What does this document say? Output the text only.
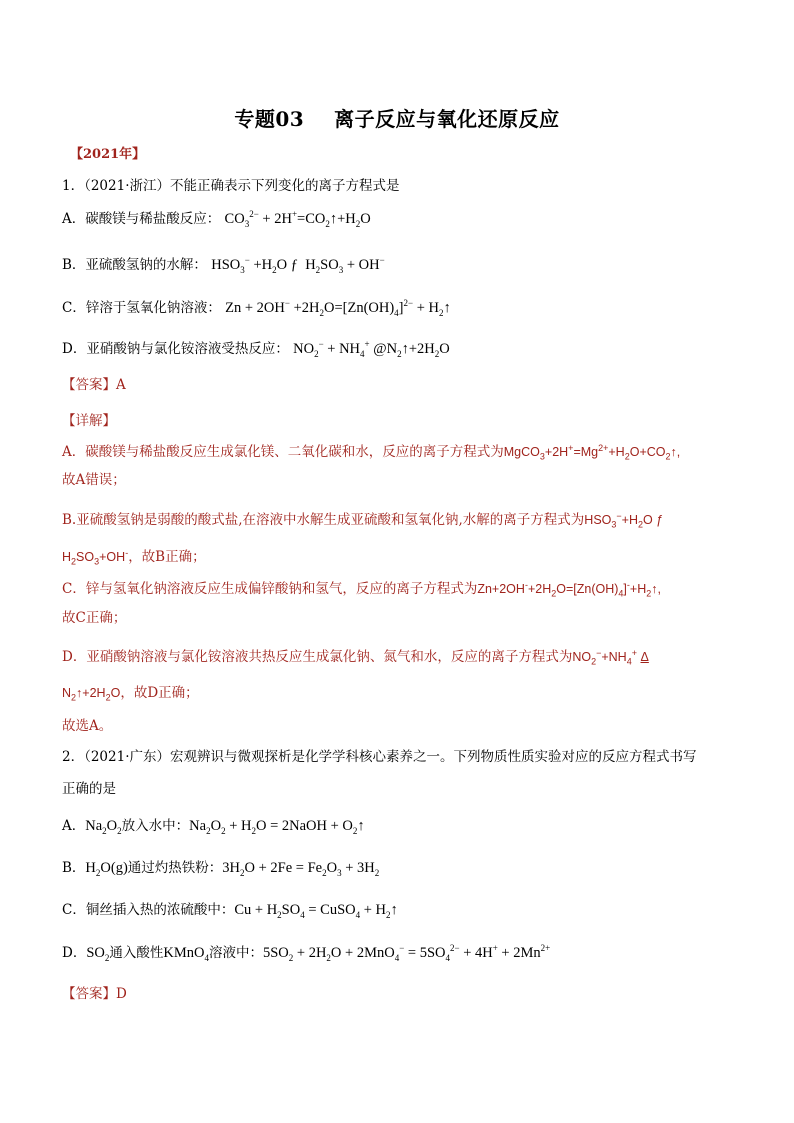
专题03 离子反应与氧化还原反应
【2021年】
1．（2021·浙江）不能正确表示下列变化的离子方程式是
A．碳酸镁与稀盐酸反应： $CO_3^{2-}$ + $2H^+=CO_2↑+H_2O$
B．亚硫酸氢钠的水解： $HSO_3^- +H_2O$ ƒ  $H_2SO_3 + OH^-$
C．锌溶于氢氧化钠溶液： $Zn + 2OH^- +2H_2O=[Zn(OH)_4]^{2-}$ + $H_2↑$
D．亚硝酸钠与氯化铵溶液受热反应： $NO_2^- + NH_4^+$ $@N_2↑+2H_2O$
【答案】A
【详解】
A．碳酸镁与稀盐酸反应生成氯化镁、二氧化碳和水，反应的离子方程式为$MgCO_3+2H^+=Mg^{2+}+H_2O+CO_2↑$,
故A错误；
B.亚硫酸氢钠是弱酸的酸式盐,在溶液中水解生成亚硫酸和氢氧化钠,水解的离子方程式为$HSO_3^-+H_2O$ ƒ
$H_2SO_3+OH^-$，故B正确；
C．锌与氢氧化钠溶液反应生成偏锌酸钠和氢气，反应的离子方程式为$Zn+2OH^-+2H_2O=[Zn(OH)_4]^-+H_2↑$,
故C正确；
D．亚硝酸钠溶液与氯化铵溶液共热反应生成氯化钠、氮气和水，反应的离子方程式为$NO_2^-+NH_4^+$ Δ
$N_2↑+2H_2O$，故D正确；
故选A。
2．（2021·广东）宏观辨识与微观探析是化学学科核心素养之一。下列物质性质实验对应的反应方程式书写
正确的是
A．$Na_2O_2$放入水中：$Na_2O_2 + H_2O$ = 2NaOH + $O_2↑$
B．$H_2O(g)$通过灼热铁粉：$3H_2O + 2Fe = Fe_2O_3 + 3H_2$
C．铜丝插入热的浓硫酸中：$Cu + H_2SO_4$ = CuSO$_4$ + $H_2↑$
D．$SO_2$通入酸性KMnO$_4$溶液中：$5SO_2 + 2H_2O + 2MnO_4^- = 5SO_4^{2-} + 4H^+ + 2Mn^{2+}$
【答案】D
